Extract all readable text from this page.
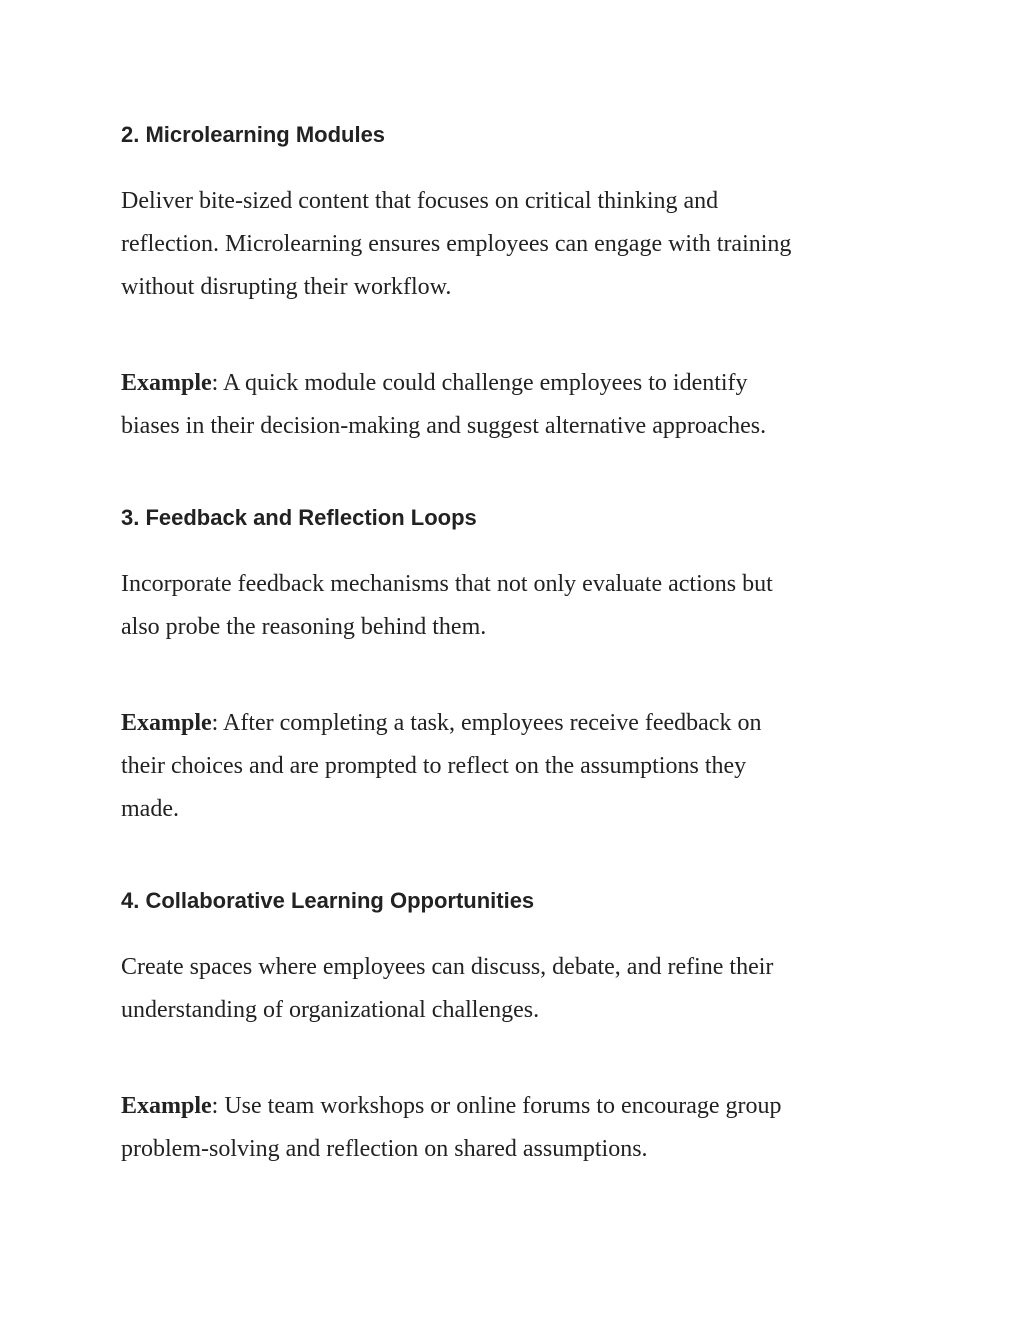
2. Microlearning Modules

Deliver bite-sized content that focuses on critical thinking and
reflection. Microlearning ensures employees can engage with training
without disrupting their workflow.

Example: A quick module could challenge employees to identify
biases in their decision-making and suggest alternative approaches.

3. Feedback and Reflection Loops

Incorporate feedback mechanisms that not only evaluate actions but
also probe the reasoning behind them.

Example: After completing a task, employees receive feedback on
their choices and are prompted to reflect on the assumptions they
made.

4. Collaborative Learning Opportunities

Create spaces where employees can discuss, debate, and refine their
understanding of organizational challenges.

Example: Use team workshops or online forums to encourage group
problem-solving and reflection on shared assumptions.
